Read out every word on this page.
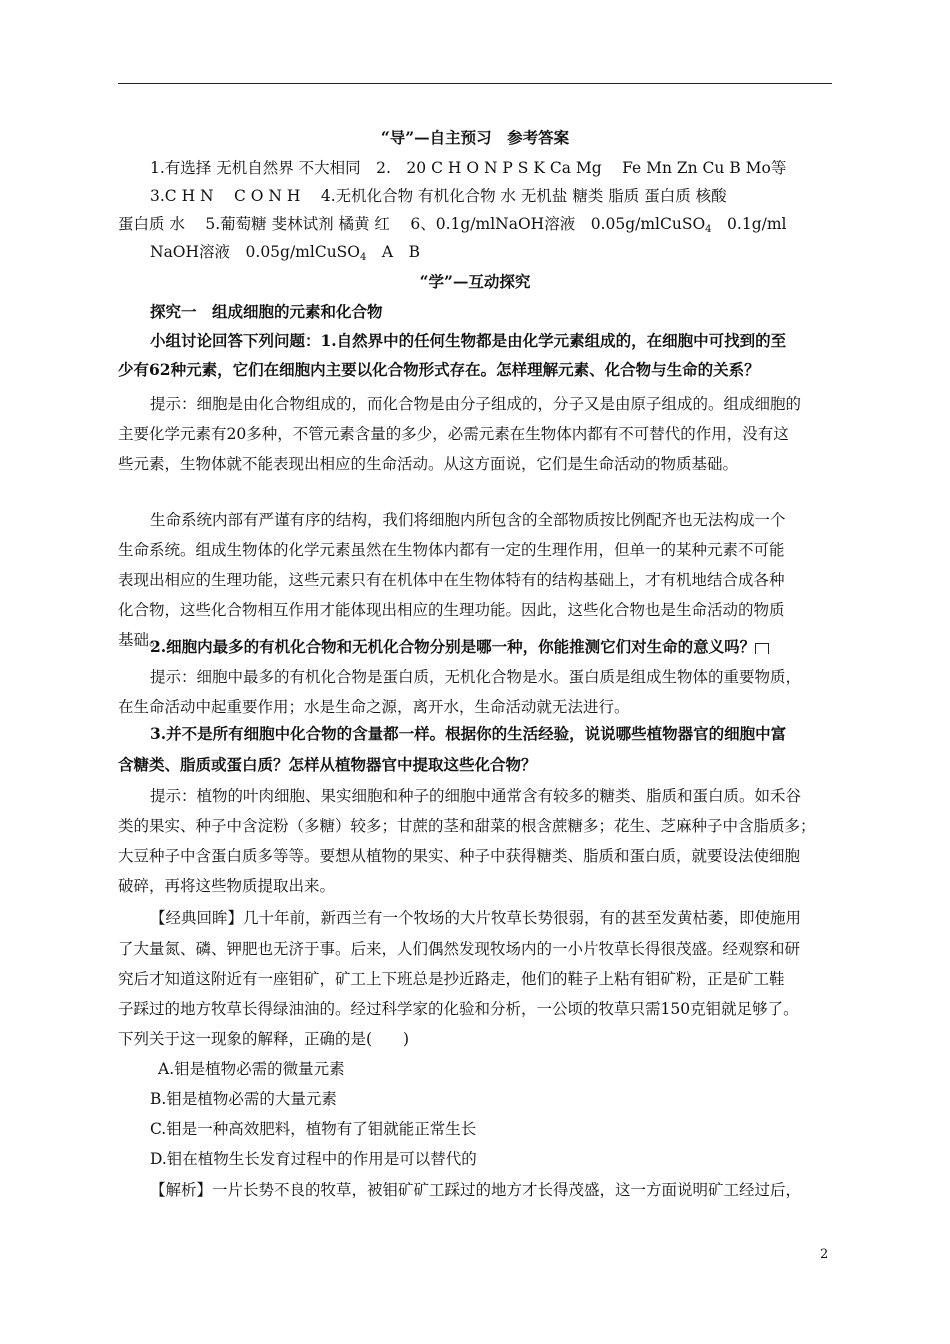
“导”—自主预习　参考答案
1.有选择 无机自然界 不大相同　2.　20 C H O N P S K Ca Mg　 Fe Mn Zn Cu B Mo等
3.C H N　 C O N H　 4.无机化合物 有机化合物 水 无机盐 糖类 脂质 蛋白质 核酸
蛋白质 水　 5.葡萄糖 斐林试剂 橘黄 红　 6、0.1g/mlNaOH溶液　0.05g/mlCuSO$_4$　0.1g/ml
NaOH溶液　0.05g/mlCuSO$_4$　A　B
“学”—互动探究
探究一　组成细胞的元素和化合物
小组讨论回答下列问题：1.自然界中的任何生物都是由化学元素组成的，在细胞中可找到的至
少有62种元素，它们在细胞内主要以化合物形式存在。怎样理解元素、化合物与生命的关系？
提示：细胞是由化合物组成的，而化合物是由分子组成的，分子又是由原子组成的。组成细胞的
主要化学元素有20多种，不管元素含量的多少，必需元素在生物体内都有不可替代的作用，没有这
些元素，生物体就不能表现出相应的生命活动。从这方面说，它们是生命活动的物质基础。
生命系统内部有严谨有序的结构，我们将细胞内所包含的全部物质按比例配齐也无法构成一个
生命系统。组成生物体的化学元素虽然在生物体内都有一定的生理作用，但单一的某种元素不可能
表现出相应的生理功能，这些元素只有在机体中在生物体特有的结构基础上，才有机地结合成各种
化合物，这些化合物相互作用才能体现出相应的生理功能。因此，这些化合物也是生命活动的物质
基础。
2.细胞内最多的有机化合物和无机化合物分别是哪一种，你能推测它们对生命的意义吗？
提示：细胞中最多的有机化合物是蛋白质，无机化合物是水。蛋白质是组成生物体的重要物质，
在生命活动中起重要作用；水是生命之源，离开水，生命活动就无法进行。
3.并不是所有细胞中化合物的含量都一样。根据你的生活经验，说说哪些植物器官的细胞中富
含糖类、脂质或蛋白质？怎样从植物器官中提取这些化合物？
提示：植物的叶肉细胞、果实细胞和种子的细胞中通常含有较多的糖类、脂质和蛋白质。如禾谷
类的果实、种子中含淀粉（多糖）较多；甘蔗的茎和甜菜的根含蔗糖多；花生、芝麻种子中含脂质多；
大豆种子中含蛋白质多等等。要想从植物的果实、种子中获得糖类、脂质和蛋白质，就要设法使细胞
破碎，再将这些物质提取出来。
【经典回眸】几十年前，新西兰有一个牧场的大片牧草长势很弱，有的甚至发黄枯萎，即使施用
了大量氮、磷、钾肥也无济于事。后来，人们偶然发现牧场内的一小片牧草长得很茂盛。经观察和研
究后才知道这附近有一座钼矿，矿工上下班总是抄近路走，他们的鞋子上粘有钼矿粉，正是矿工鞋
子踩过的地方牧草长得绿油油的。经过科学家的化验和分析，一公顷的牧草只需150克钼就足够了。
下列关于这一现象的解释，正确的是(　　)
A.钼是植物必需的微量元素
B.钼是植物必需的大量元素
C.钼是一种高效肥料，植物有了钼就能正常生长
D.钼在植物生长发育过程中的作用是可以替代的
【解析】一片长势不良的牧草，被钼矿矿工踩过的地方才长得茂盛，这一方面说明矿工经过后，
2
